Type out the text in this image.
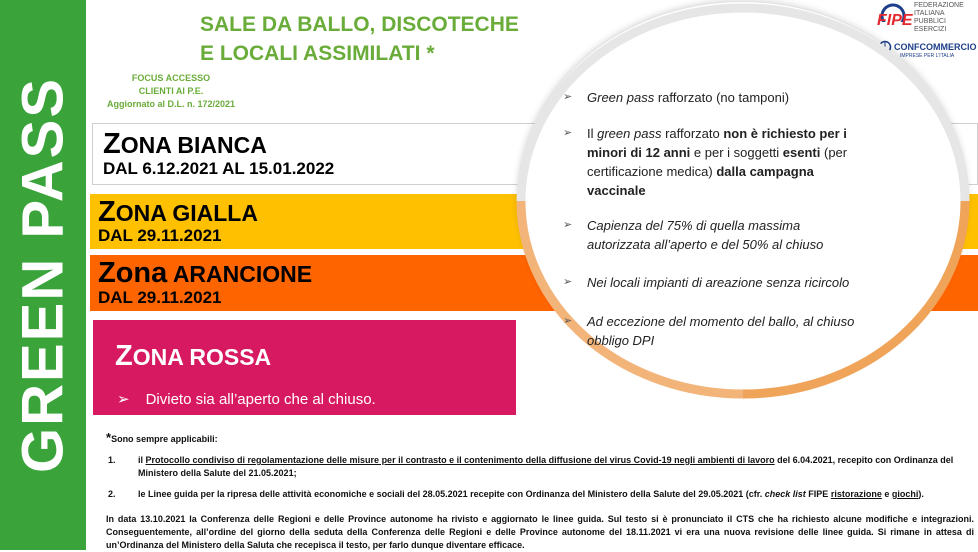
GREEN PASS
SALE DA BALLO, DISCOTECHE
E LOCALI ASSIMILATI *
FOCUS ACCESSO
CLIENTI AI P.E.
Aggiornato al D.L. n. 172/2021
FIPE
FEDERAZIONE ITALIANA PUBBLICI ESERCIZI
CONFCOMMERCIO
IMPRESE PER L'ITALIA
ZONA BIANCA
DAL 6.12.2021 AL 15.01.2022
ZONA GIALLA
DAL 29.11.2021
Zona ARANCIONE
DAL 29.11.2021
ZONA ROSSA
➢ Divieto sia all’aperto che al chiuso.
➢ Green pass rafforzato (no tamponi)
➢ Il green pass rafforzato non è richiesto per i minori di 12 anni e per i soggetti esenti (per certificazione medica) dalla campagna vaccinale
➢ Capienza del 75% di quella massima autorizzata all’aperto e del 50% al chiuso
➢ Nei locali impianti di areazione senza ricircolo
➢ Ad eccezione del momento del ballo, al chiuso obbligo DPI
*Sono sempre applicabili:
1. il Protocollo condiviso di regolamentazione delle misure per il contrasto e il contenimento della diffusione del virus Covid-19 negli ambienti di lavoro del 6.04.2021, recepito con Ordinanza del Ministero della Salute del 21.05.2021;
2. le Linee guida per la ripresa delle attività economiche e sociali del 28.05.2021 recepite con Ordinanza del Ministero della Salute del 29.05.2021 (cfr. check list FIPE ristorazione e giochi).
In data 13.10.2021 la Conferenza delle Regioni e delle Province autonome ha rivisto e aggiornato le linee guida. Sul testo si è pronunciato il CTS che ha richiesto alcune modifiche e integrazioni. Conseguentemente, all’ordine del giorno della seduta della Conferenza delle Regioni e delle Province autonome del 18.11.2021 vi era una nuova revisione delle linee guida. Si rimane in attesa di un’Ordinanza del Ministero della Saluta che recepisca il testo, per farlo dunque diventare efficace.
